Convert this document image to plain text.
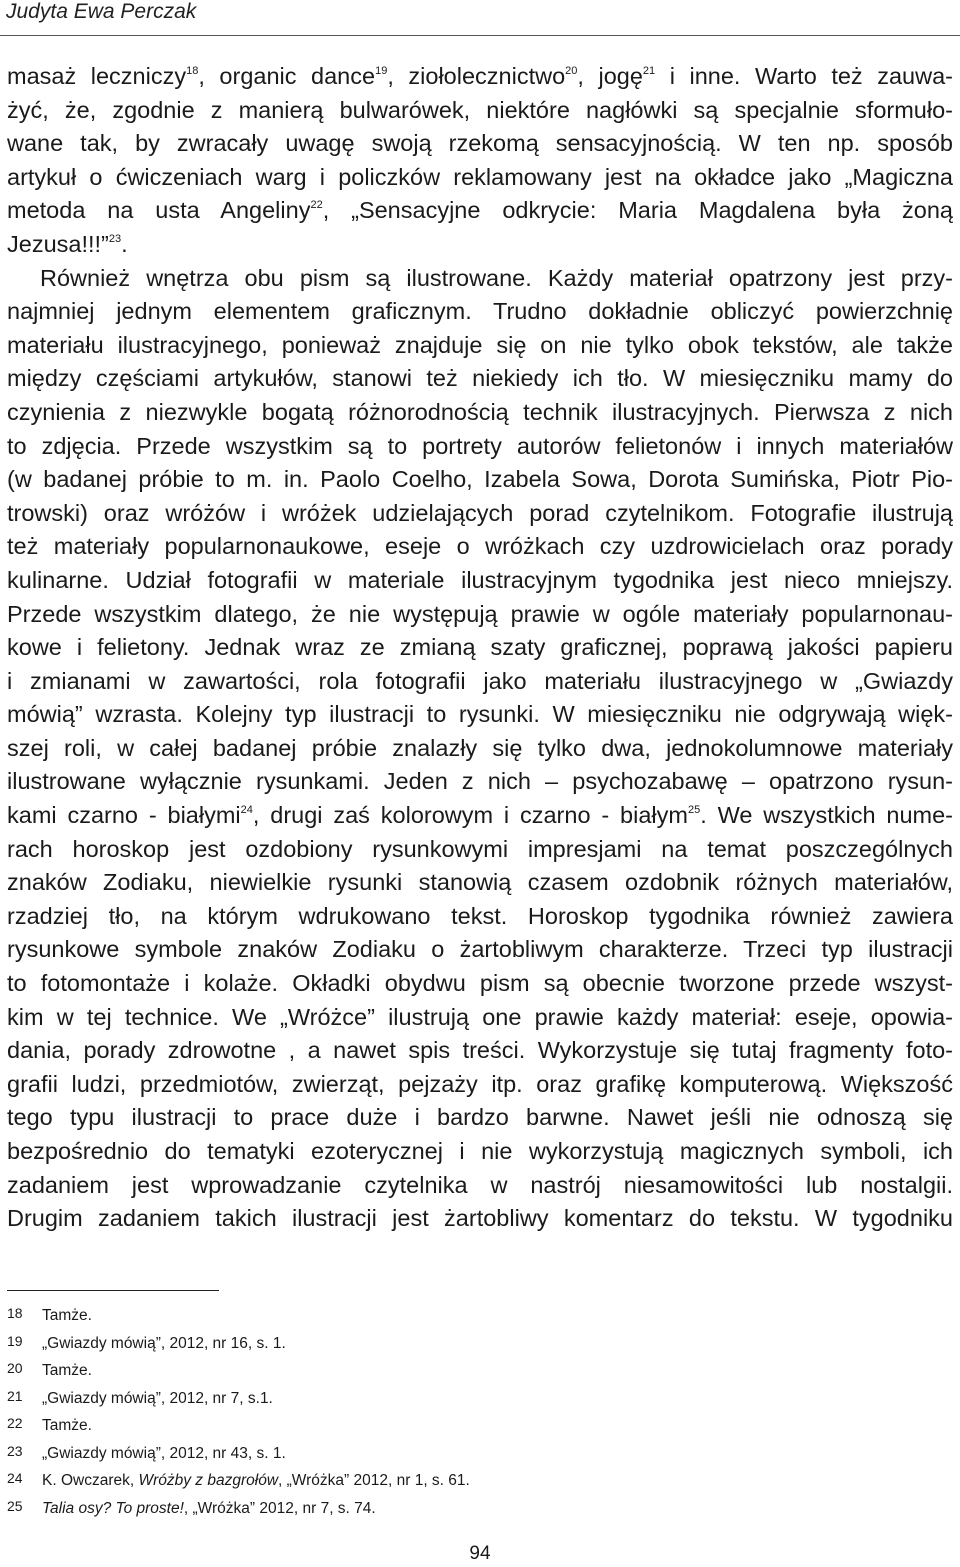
Judyta Ewa Perczak
masaż leczniczy$^{18}$, organic dance$^{19}$, ziołolecznictwo$^{20}$, jogę$^{21}$ i inne. Warto też zauwa-
żyć, że, zgodnie z manierą bulwarówek, niektóre nagłówki są specjalnie sformuło-
wane tak, by zwracały uwagę swoją rzekomą sensacyjnością. W ten np. sposób
artykuł o ćwiczeniach warg i policzków reklamowany jest na okładce jako „Magiczna
metoda na usta Angeliny$^{22}$, „Sensacyjne odkrycie: Maria Magdalena była żoną
Jezusa!!!”$^{23}$.
Również wnętrza obu pism są ilustrowane. Każdy materiał opatrzony jest przy-
najmniej jednym elementem graficznym. Trudno dokładnie obliczyć powierzchnię
materiału ilustracyjnego, ponieważ znajduje się on nie tylko obok tekstów, ale także
między częściami artykułów, stanowi też niekiedy ich tło. W miesięczniku mamy do
czynienia z niezwykle bogatą różnorodnością technik ilustracyjnych. Pierwsza z nich
to zdjęcia. Przede wszystkim są to portrety autorów felietonów i innych materiałów
(w badanej próbie to m. in. Paolo Coelho, Izabela Sowa, Dorota Sumińska, Piotr Pio-
trowski) oraz wróżów i wróżek udzielających porad czytelnikom. Fotografie ilustrują
też materiały popularnonaukowe, eseje o wróżkach czy uzdrowicielach oraz porady
kulinarne. Udział fotografii w materiale ilustracyjnym tygodnika jest nieco mniejszy.
Przede wszystkim dlatego, że nie występują prawie w ogóle materiały popularnonau-
kowe i felietony. Jednak wraz ze zmianą szaty graficznej, poprawą jakości papieru
i zmianami w zawartości, rola fotografii jako materiału ilustracyjnego w „Gwiazdy
mówią” wzrasta. Kolejny typ ilustracji to rysunki. W miesięczniku nie odgrywają więk-
szej roli, w całej badanej próbie znalazły się tylko dwa, jednokolumnowe materiały
ilustrowane wyłącznie rysunkami. Jeden z nich – psychozabawę – opatrzono rysun-
kami czarno - białymi$^{24}$, drugi zaś kolorowym i czarno - białym$^{25}$. We wszystkich nume-
rach horoskop jest ozdobiony rysunkowymi impresjami na temat poszczególnych
znaków Zodiaku, niewielkie rysunki stanowią czasem ozdobnik różnych materiałów,
rzadziej tło, na którym wdrukowano tekst. Horoskop tygodnika również zawiera
rysunkowe symbole znaków Zodiaku o żartobliwym charakterze. Trzeci typ ilustracji
to fotomontaże i kolaże. Okładki obydwu pism są obecnie tworzone przede wszyst-
kim w tej technice. We „Wróżce” ilustrują one prawie każdy materiał: eseje, opowia-
dania, porady zdrowotne , a nawet spis treści. Wykorzystuje się tutaj fragmenty foto-
grafii ludzi, przedmiotów, zwierząt, pejzaży itp. oraz grafikę komputerową. Większość
tego typu ilustracji to prace duże i bardzo barwne. Nawet jeśli nie odnoszą się
bezpośrednio do tematyki ezoterycznej i nie wykorzystują magicznych symboli, ich
zadaniem jest wprowadzanie czytelnika w nastrój niesamowitości lub nostalgii.
Drugim zadaniem takich ilustracji jest żartobliwy komentarz do tekstu. W tygodniku
18 Tamże.
19 „Gwiazdy mówią”, 2012, nr 16, s. 1.
20 Tamże.
21 „Gwiazdy mówią”, 2012, nr 7, s.1.
22 Tamże.
23 „Gwiazdy mówią”, 2012, nr 43, s. 1.
24 K. Owczarek, Wróżby z bazgrołów, „Wróżka” 2012, nr 1, s. 61.
25 Talia osy? To proste!, „Wróżka” 2012, nr 7, s. 74.
94
